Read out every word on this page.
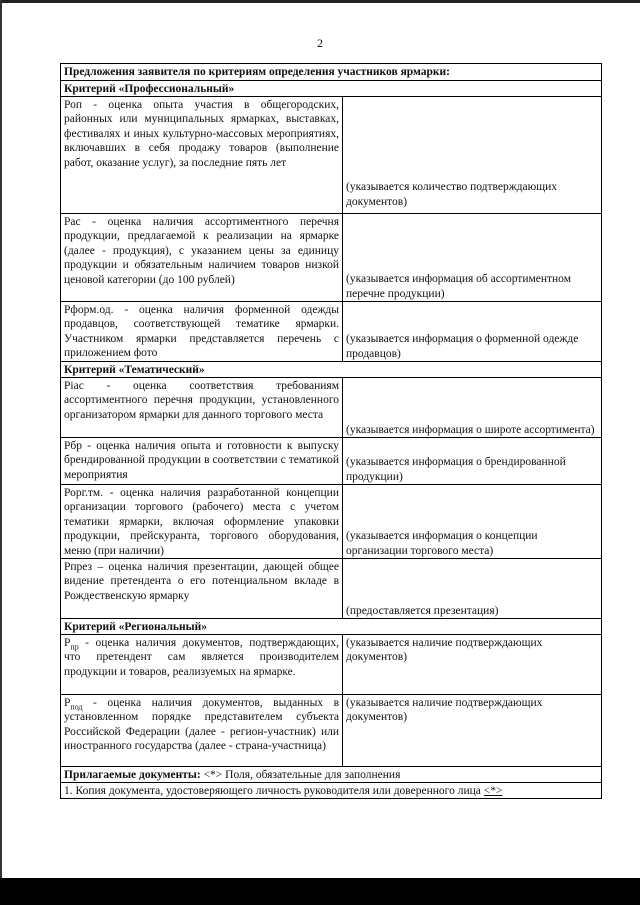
2
Предложения заявителя по критериям определения участников ярмарки:
Критерий «Профессиональный»
Роп - оценка опыта участия в общегородских, районных или муниципальных ярмарках, выставках, фестивалях и иных культурно-массовых мероприятиях, включавших в себя продажу товаров (выполнение работ, оказание услуг), за последние пять лет
(указывается количество подтверждающих документов)
Рас - оценка наличия ассортиментного перечня продукции, предлагаемой к реализации на ярмарке (далее - продукция), с указанием цены за единицу продукции и обязательным наличием товаров низкой ценовой категории (до 100 рублей)	(указывается информация об ассортиментном перечне продукции)
Рформ.од. - оценка наличия форменной одежды продавцов, соответствующей тематике ярмарки. Участником ярмарки представляется перечень с приложением фото
(указывается информация о форменной одежде продавцов)
Критерий «Тематический»
Ріас - оценка соответствия требованиям ассортиментного перечня продукции, установленного организатором ярмарки для данного торгового места
(указывается информация о широте ассортимента)
Рбр - оценка наличия опыта и готовности к выпуску брендированной продукции в соответствии с тематикой мероприятия
(указывается информация о брендированной продукции)
Рорг.тм. - оценка наличия разработанной концепции организации торгового (рабочего) места с учетом тематики ярмарки, включая оформление упаковки продукции, прейскуранта, торгового оборудования, меню (при наличии)
(указывается информация о концепции организации торгового места)
Рпрез – оценка наличия презентации, дающей общее видение претендента о его потенциальном вкладе в Рождественскую ярмарку
(предоставляется презентация)
Критерий «Региональный»
$Р_{пр}$ - оценка наличия документов, подтверждающих, что претендент сам является производителем продукции и товаров, реализуемых на ярмарке.
(указывается наличие подтверждающих документов)
$Р_{под}$ - оценка наличия документов, выданных в установленном порядке представителем субъекта Российской Федерации (далее - регион-участник) или иностранного государства (далее - страна-участница)
(указывается наличие подтверждающих документов)
Прилагаемые документы: <*> Поля, обязательные для заполнения
1. Копия документа, удостоверяющего личность руководителя или доверенного лица <*>
